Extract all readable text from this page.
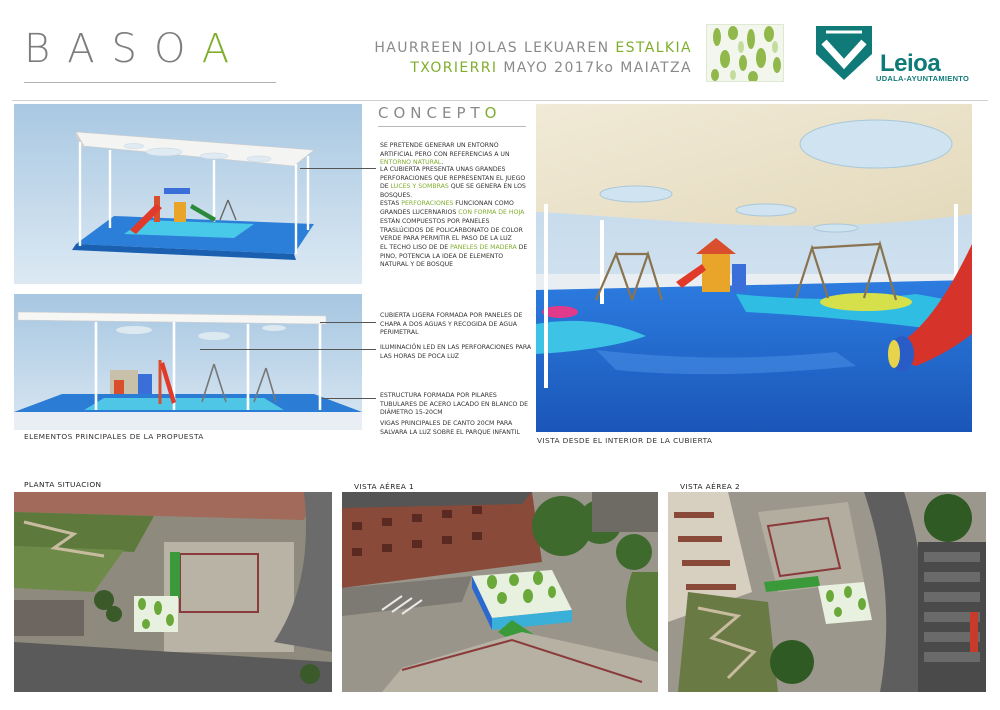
BASOA	HAURREEN JOLAS LEKUAREN ESTALKIA
TXORIERRI MAYO 2017ko MAIATZA	Leioa
UDALA-AYUNTAMIENTO
ELEMENTOS PRINCIPALES DE LA PROPUESTA
CONCEPTO
SE PRETENDE GENERAR UN ENTORNO ARTIFICIAL PERO CON REFERENCIAS A UN ENTORNO NATURAL.
LA CUBIERTA PRESENTA UNAS GRANDES PERFORACIONES QUE REPRESENTAN EL JUEGO DE LUCES Y SOMBRAS QUE SE GENERA EN LOS BOSQUES.
ESTAS PERFORACIONES FUNCIONAN COMO GRANDES LUCERNARIOS CON FORMA DE HOJA
ESTÁN COMPUESTOS POR PANELES TRASLÚCIDOS DE POLICARBONATO DE COLOR VERDE PARA PERMITIR EL PASO DE LA LUZ
EL TECHO LISO DE DE PANELES DE MADERA DE PINO, POTENCIA LA IDEA DE ELEMENTO NATURAL Y DE BOSQUE
CUBIERTA LIGERA FORMADA POR PANELES DE CHAPA A DOS AGUAS Y RECOGIDA DE AGUA PERIMETRAL
ILUMINACIÓN LED EN LAS PERFORACIONES PARA LAS HORAS DE POCA LUZ
ESTRUCTURA FORMADA POR PILARES TUBULARES DE ACERO LACADO EN BLANCO DE DIÁMETRO 15-20CM
VIGAS PRINCIPALES DE CANTO 20CM PARA SALVARA LA LUZ SOBRE EL PARQUE INFANTIL
VISTA DESDE EL INTERIOR DE LA CUBIERTA
PLANTA SITUACION	VISTA AÉREA 1	VISTA AÉREA 2
